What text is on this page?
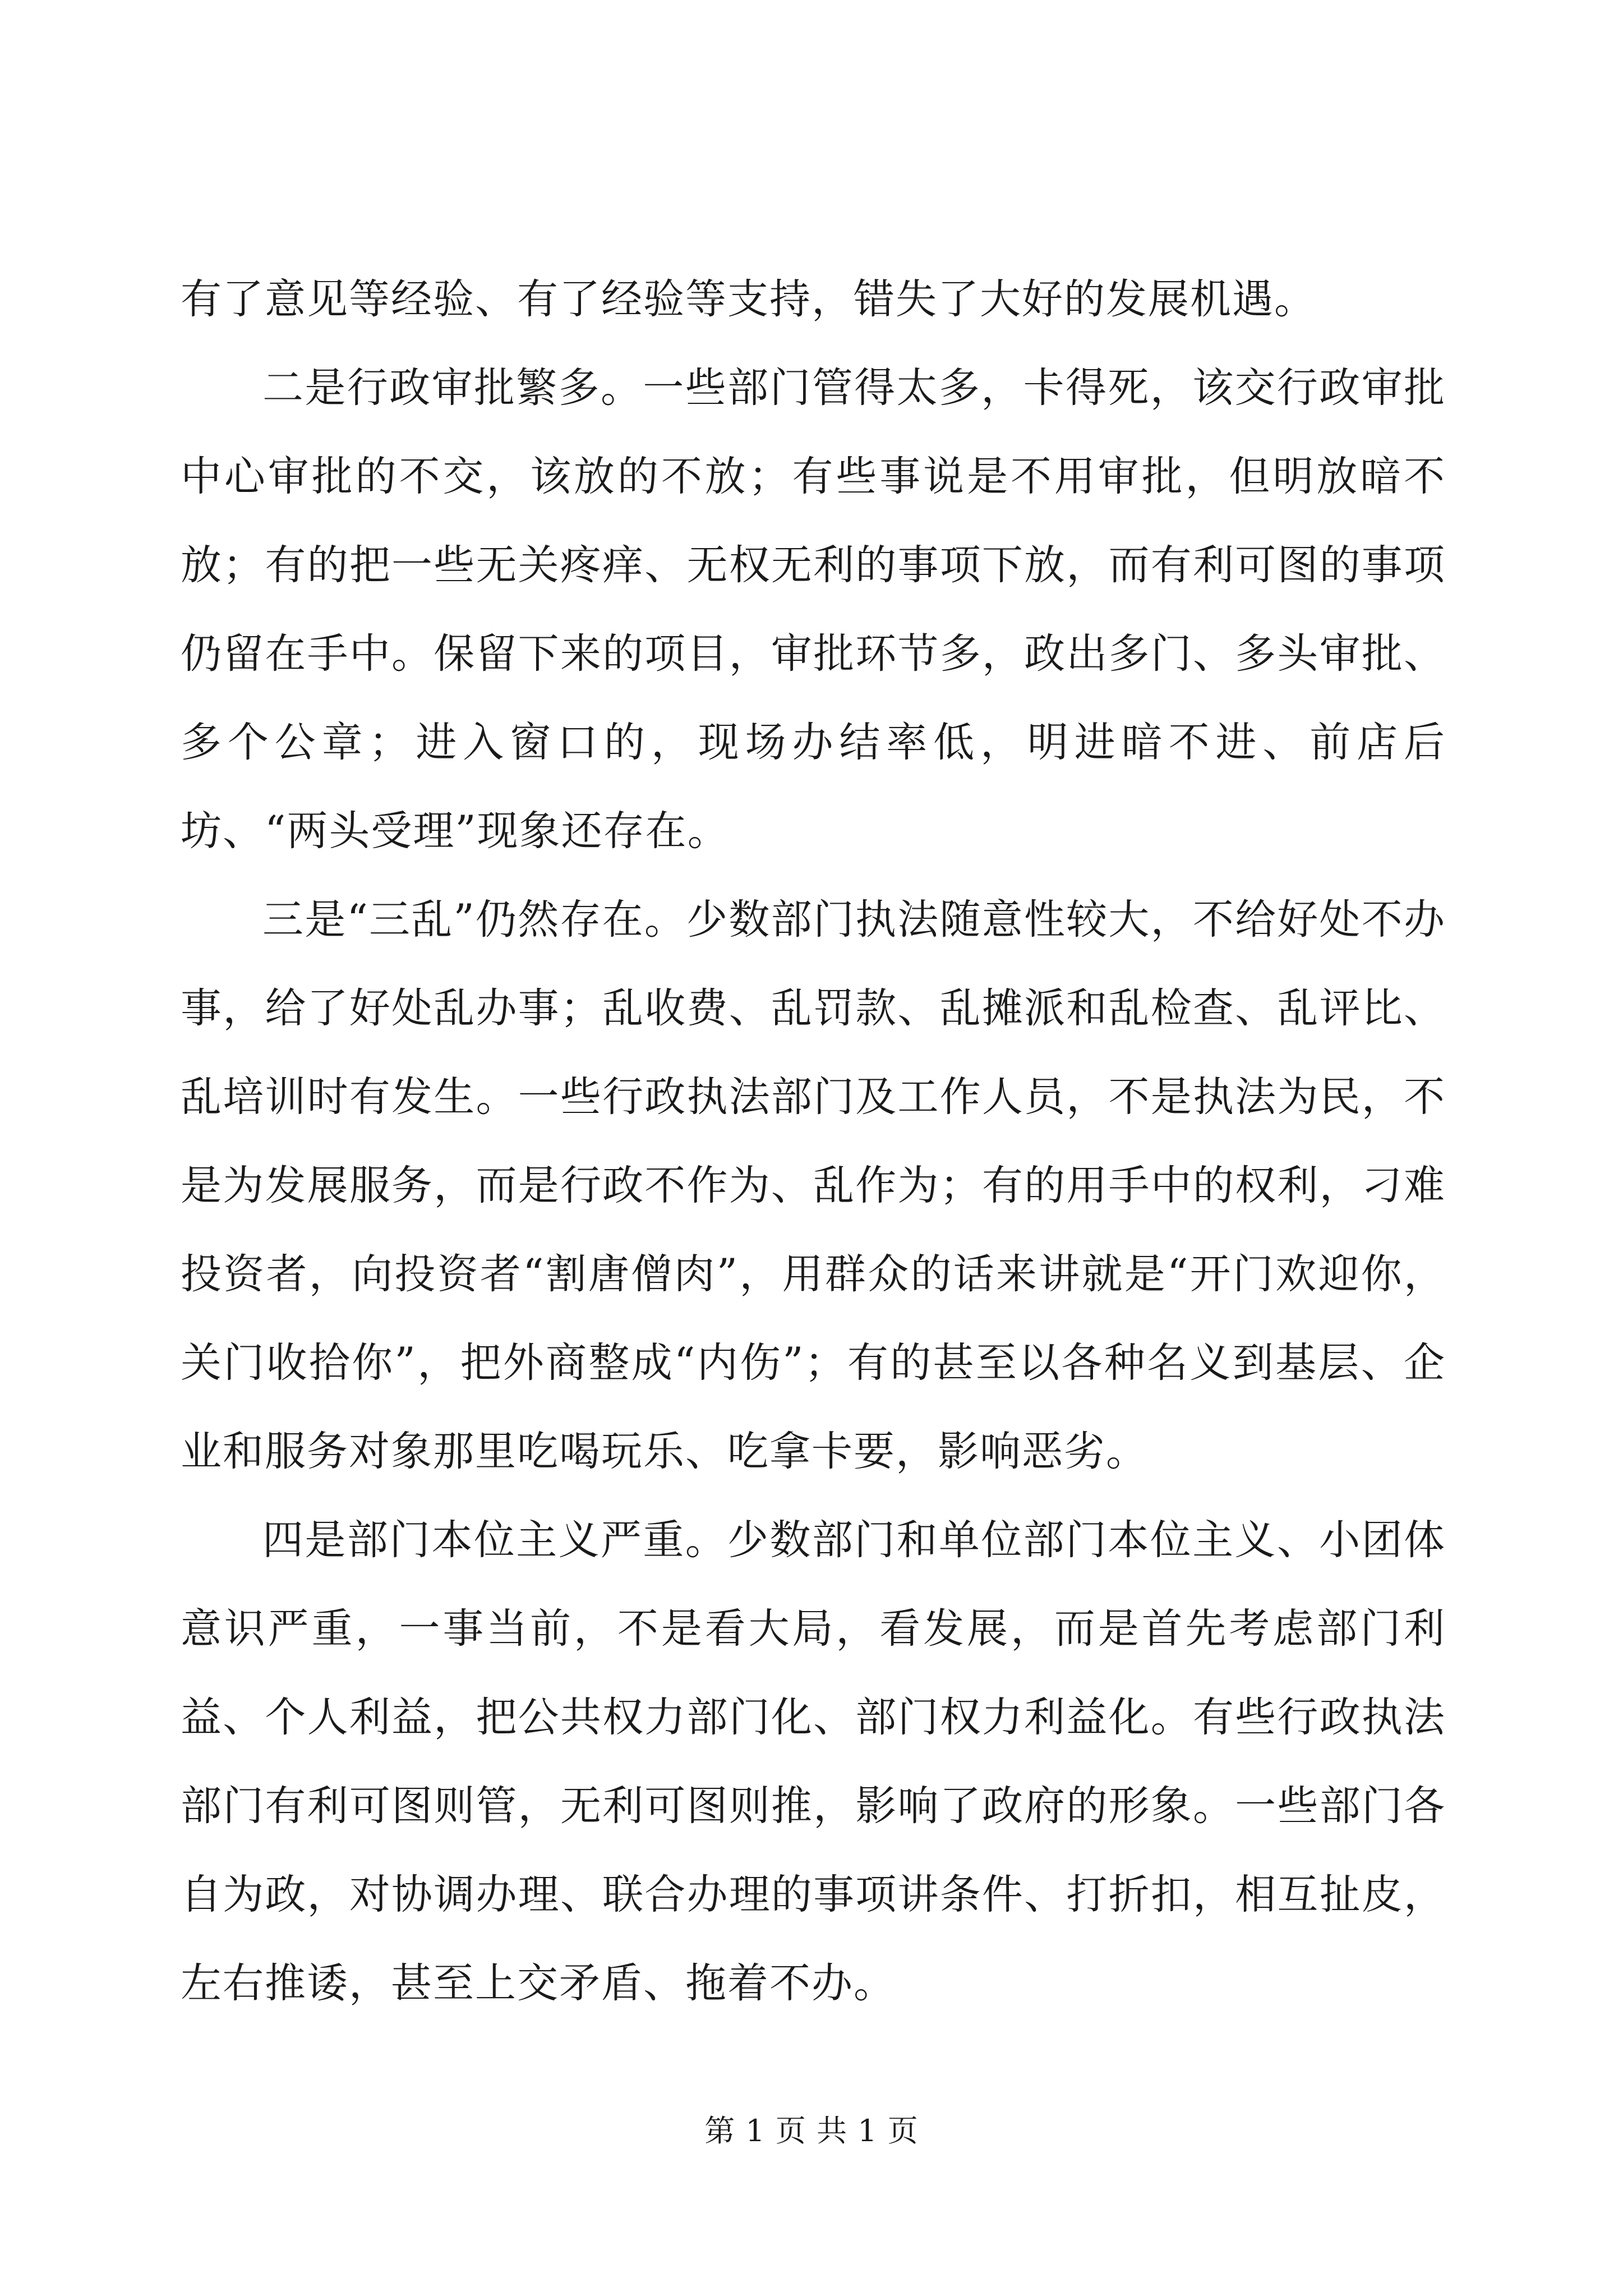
有了意见等经验、有了经验等支持，错失了大好的发展机遇。

二是行政审批繁多。一些部门管得太多，卡得死，该交行政审批中心审批的不交，该放的不放；有些事说是不用审批，但明放暗不放；有的把一些无关疼痒、无权无利的事项下放，而有利可图的事项仍留在手中。保留下来的项目，审批环节多，政出多门、多头审批、多个公章；进入窗口的，现场办结率低，明进暗不进、前店后坊、“两头受理”现象还存在。

三是“三乱”仍然存在。少数部门执法随意性较大，不给好处不办事，给了好处乱办事；乱收费、乱罚款、乱摊派和乱检查、乱评比、乱培训时有发生。一些行政执法部门及工作人员，不是执法为民，不是为发展服务，而是行政不作为、乱作为；有的用手中的权利，刁难投资者，向投资者“割唐僧肉”，用群众的话来讲就是“开门欢迎你，关门收拾你”，把外商整成“内伤”；有的甚至以各种名义到基层、企业和服务对象那里吃喝玩乐、吃拿卡要，影响恶劣。

四是部门本位主义严重。少数部门和单位部门本位主义、小团体意识严重，一事当前，不是看大局，看发展，而是首先考虑部门利益、个人利益，把公共权力部门化、部门权力利益化。有些行政执法部门有利可图则管，无利可图则推，影响了政府的形象。一些部门各自为政，对协调办理、联合办理的事项讲条件、打折扣，相互扯皮，左右推诿，甚至上交矛盾、拖着不办。

第 1 页 共 1 页
